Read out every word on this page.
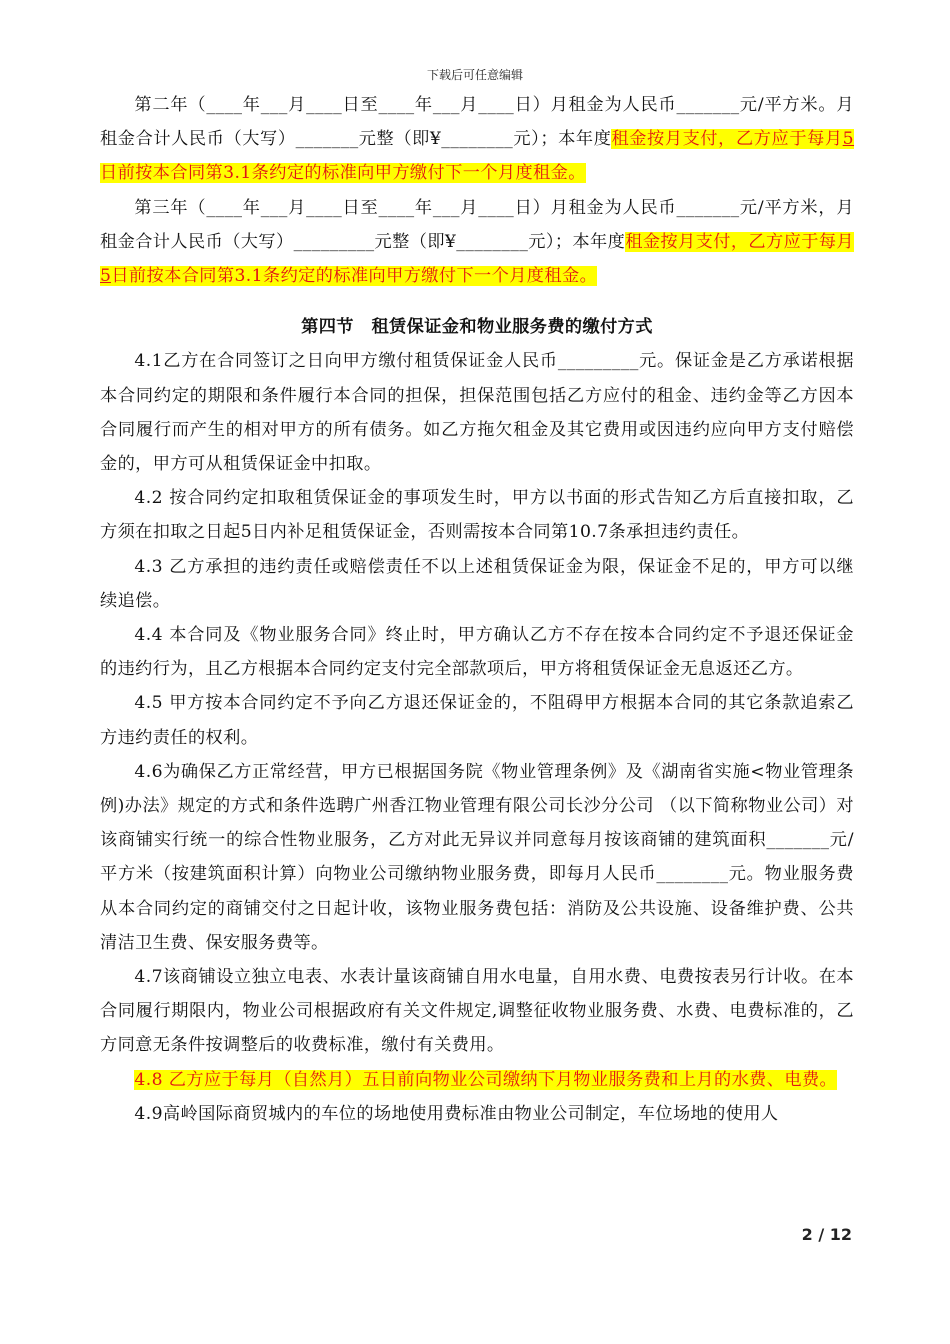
下载后可任意编辑

第二年（____年___月____日至____年___月____日）月租金为人民币_______元/平方米。月租金合计人民币（大写）_______元整（即¥________元）；本年度租金按月支付，乙方应于每月5日前按本合同第3.1条约定的标准向甲方缴付下一个月度租金。

第三年（____年___月____日至____年___月____日）月租金为人民币_______元/平方米，月租金合计人民币（大写）_________元整（即¥________元）；本年度租金按月支付，乙方应于每月5日前按本合同第3.1条约定的标准向甲方缴付下一个月度租金。

第四节　租赁保证金和物业服务费的缴付方式

4.1乙方在合同签订之日向甲方缴付租赁保证金人民币_________元。保证金是乙方承诺根据本合同约定的期限和条件履行本合同的担保，担保范围包括乙方应付的租金、违约金等乙方因本合同履行而产生的相对甲方的所有债务。如乙方拖欠租金及其它费用或因违约应向甲方支付赔偿金的，甲方可从租赁保证金中扣取。

4.2 按合同约定扣取租赁保证金的事项发生时，甲方以书面的形式告知乙方后直接扣取，乙方须在扣取之日起5日内补足租赁保证金，否则需按本合同第10.7条承担违约责任。

4.3 乙方承担的违约责任或赔偿责任不以上述租赁保证金为限，保证金不足的，甲方可以继续追偿。

4.4 本合同及《物业服务合同》终止时，甲方确认乙方不存在按本合同约定不予退还保证金的违约行为，且乙方根据本合同约定支付完全部款项后，甲方将租赁保证金无息返还乙方。

4.5 甲方按本合同约定不予向乙方退还保证金的，不阻碍甲方根据本合同的其它条款追索乙方违约责任的权利。

4.6为确保乙方正常经营，甲方已根据国务院《物业管理条例》及《湖南省实施<物业管理条例)办法》规定的方式和条件选聘广州香江物业管理有限公司长沙分公司 （以下简称物业公司）对该商铺实行统一的综合性物业服务，乙方对此无异议并同意每月按该商铺的建筑面积_______元/平方米（按建筑面积计算）向物业公司缴纳物业服务费，即每月人民币________元。物业服务费从本合同约定的商铺交付之日起计收，该物业服务费包括：消防及公共设施、设备维护费、公共清洁卫生费、保安服务费等。

4.7该商铺设立独立电表、水表计量该商铺自用水电量，自用水费、电费按表另行计收。在本合同履行期限内，物业公司根据政府有关文件规定,调整征收物业服务费、水费、电费标准的，乙方同意无条件按调整后的收费标准，缴付有关费用。

4.8 乙方应于每月（自然月）五日前向物业公司缴纳下月物业服务费和上月的水费、电费。

4.9高岭国际商贸城内的车位的场地使用费标准由物业公司制定，车位场地的使用人

2 / 12
